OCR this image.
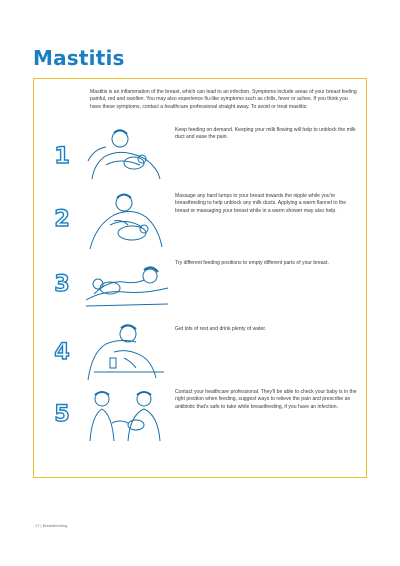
Mastitis

Mastitis is an inflammation of the breast, which can lead to an infection. Symptoms include areas of your breast feeling painful, red and swollen. You may also experience flu-like symptoms such as chills, fever or aches. If you think you have these symptoms, contact a healthcare professional straight away. To avoid or treat mastitis:

1

Keep feeding on demand. Keeping your milk flowing will help to unblock the milk duct and ease the pain.

2

Massage any hard lumps in your breast towards the nipple while you're breastfeeding to help unblock any milk ducts. Applying a warm flannel to the breast or massaging your breast while in a warm shower may also help.

3

Try different feeding positions to empty different parts of your breast.

4

Get lots of rest and drink plenty of water.

5

Contact your healthcare professional. They'll be able to check your baby is in the right position when feeding, suggest ways to relieve the pain and prescribe an antibiotic that's safe to take while breastfeeding, if you have an infection.

17 | Breastfeeding
